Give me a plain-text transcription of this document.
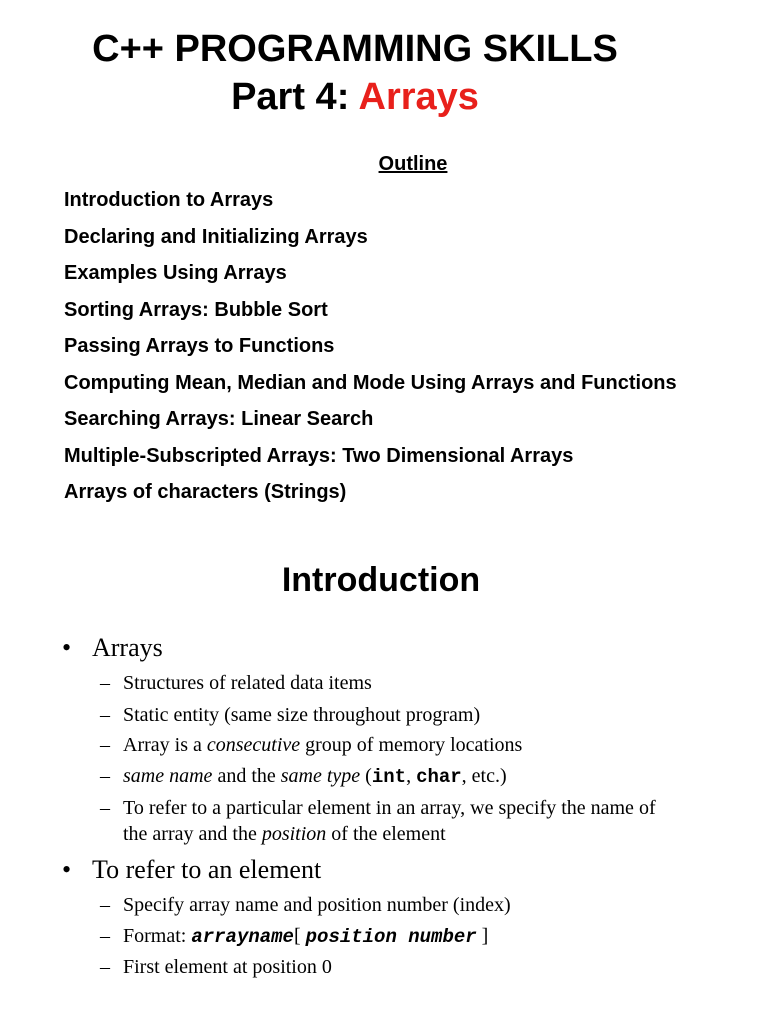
C++ PROGRAMMING SKILLS
Part 4: Arrays
Outline
Introduction to Arrays
Declaring and Initializing Arrays
Examples Using Arrays
Sorting Arrays: Bubble Sort
Passing Arrays to Functions
Computing Mean, Median and Mode Using Arrays and Functions
Searching Arrays: Linear Search
Multiple-Subscripted Arrays: Two Dimensional Arrays
Arrays of characters (Strings)
Introduction
• Arrays
– Structures of related data items
– Static entity (same size throughout program)
– Array is a consecutive group of memory locations
– same name and the same type (int, char, etc.)
– To refer to a particular element in an array, we specify the name of
the array and the position of the element
• To refer to an element
– Specify array name and position number (index)
– Format: arrayname[ position number ]
– First element at position 0
